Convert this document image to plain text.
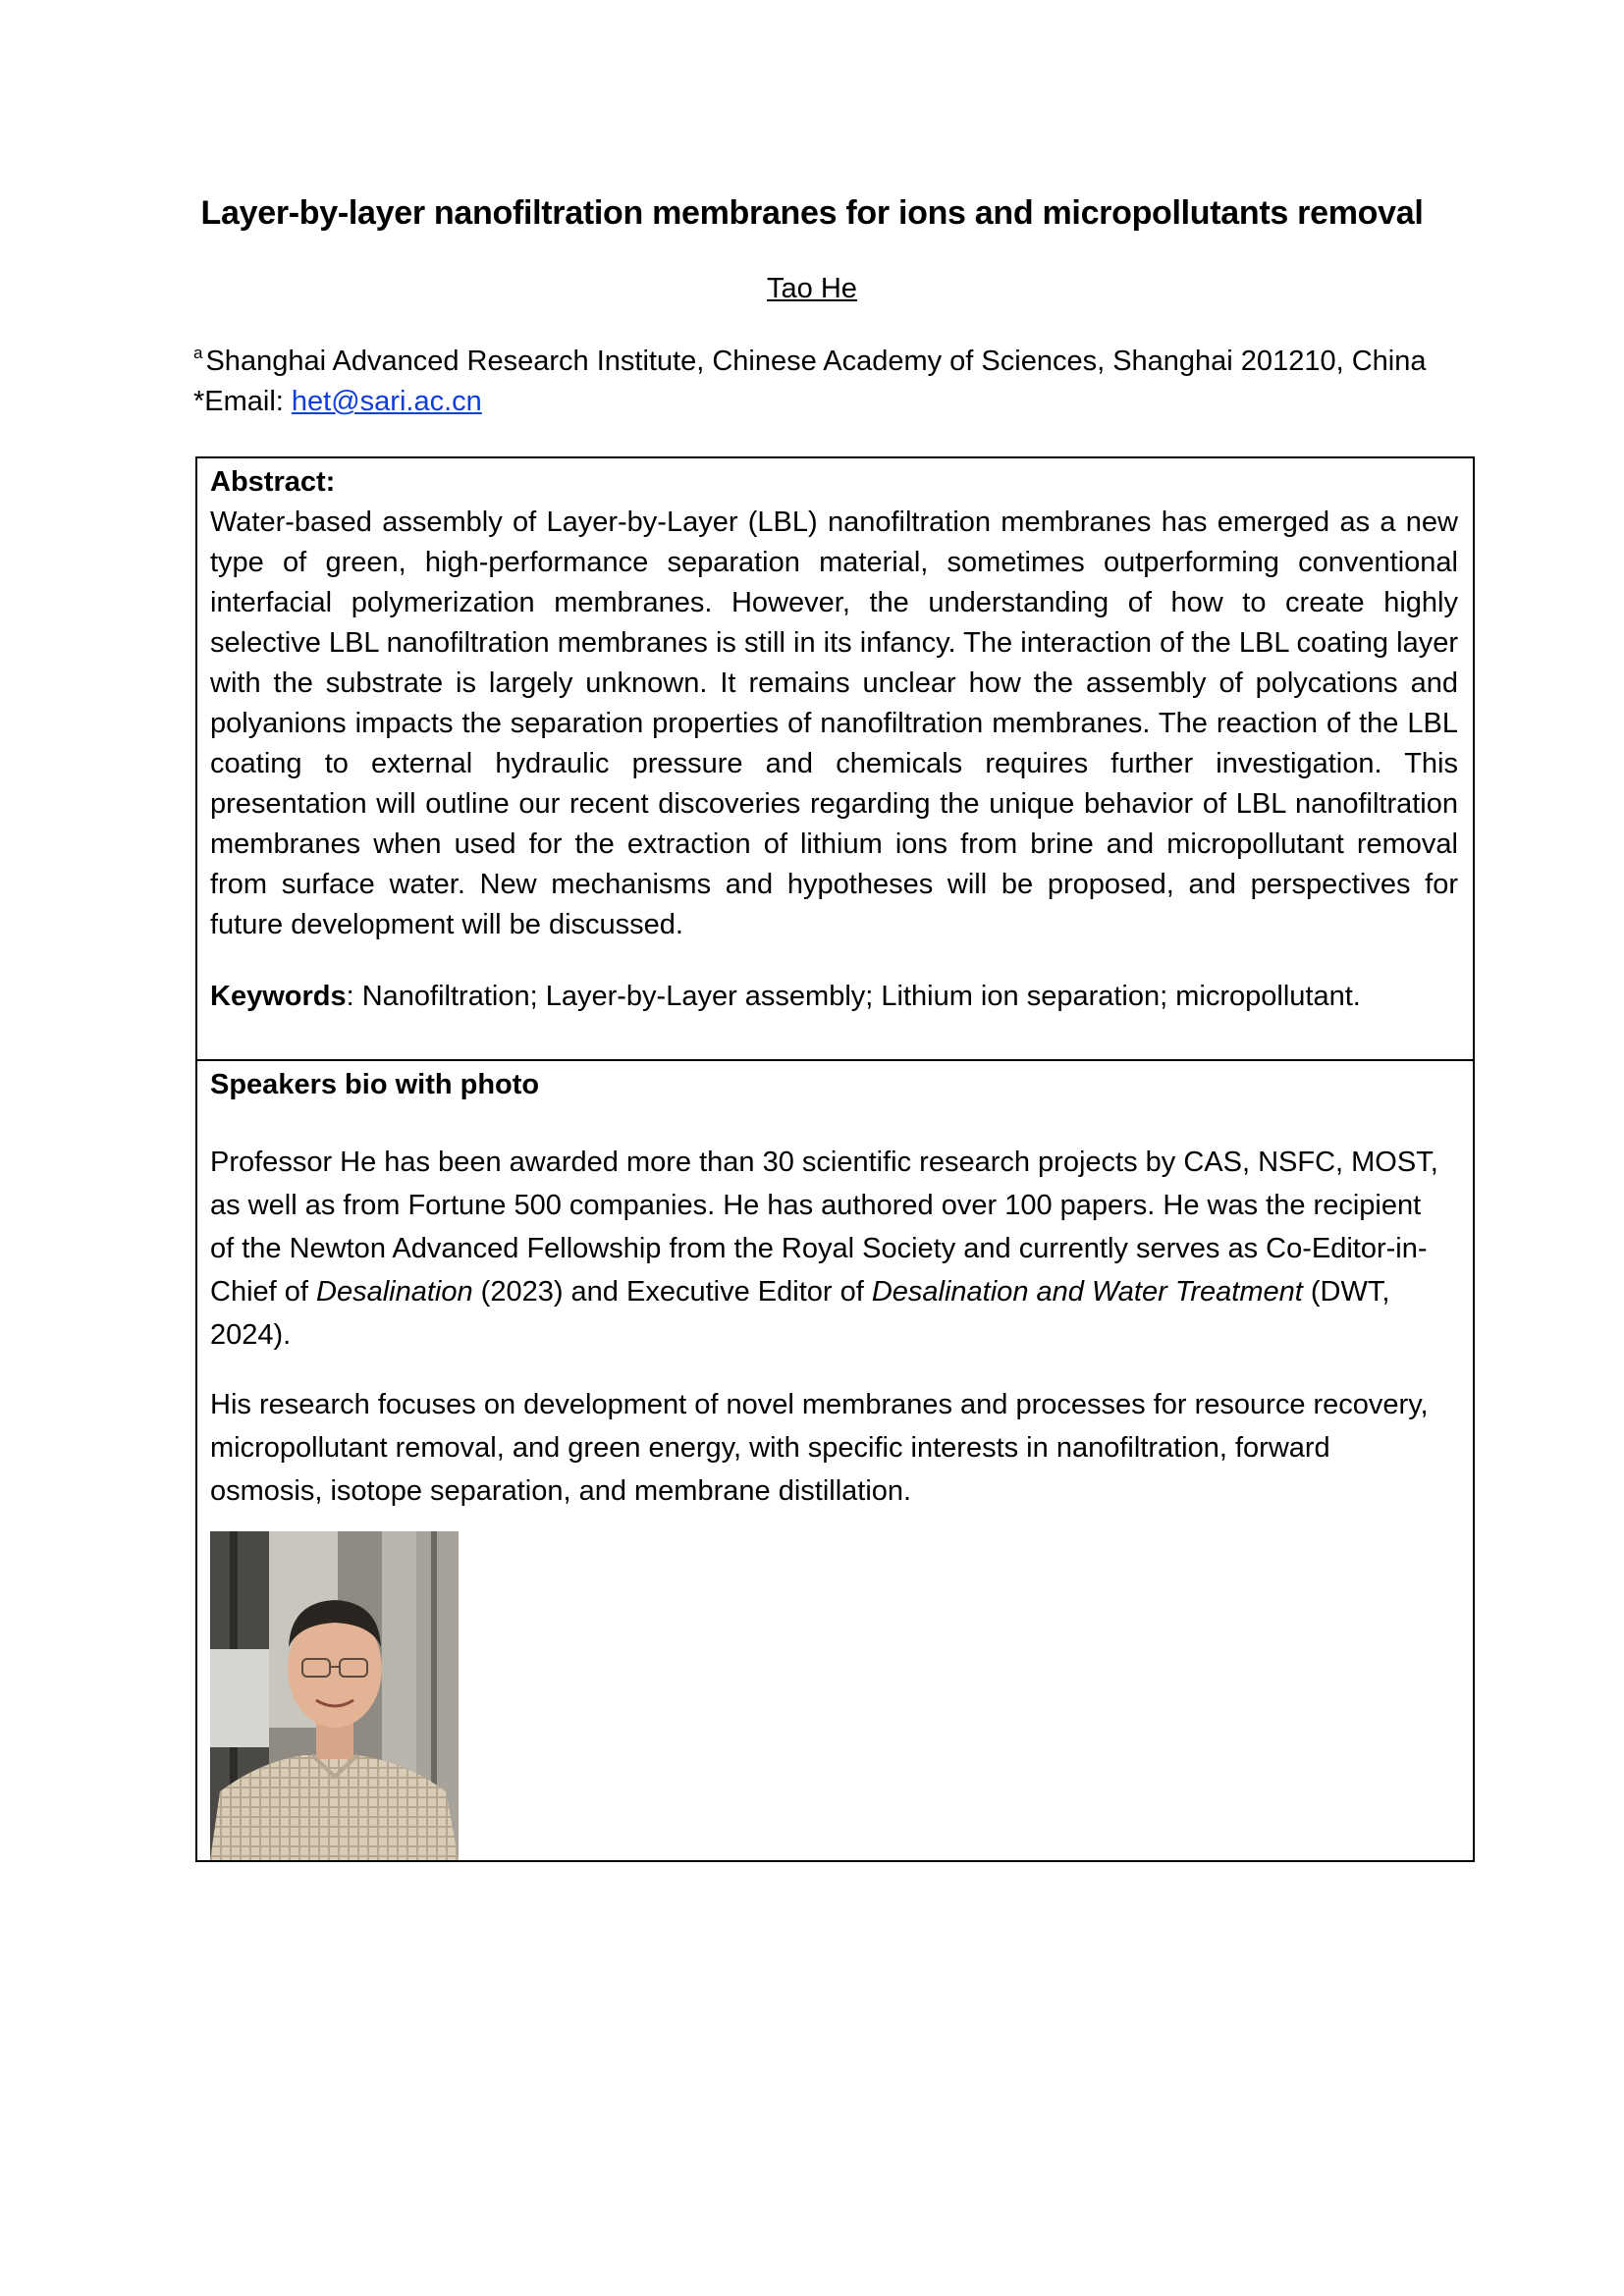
Layer-by-layer nanofiltration membranes for ions and micropollutants removal
Tao He
$^a$ Shanghai Advanced Research Institute, Chinese Academy of Sciences, Shanghai 201210, China
*Email: het@sari.ac.cn
Abstract:
Water-based assembly of Layer-by-Layer (LBL) nanofiltration membranes has emerged as a new type of green, high-performance separation material, sometimes outperforming conventional interfacial polymerization membranes. However, the understanding of how to create highly selective LBL nanofiltration membranes is still in its infancy. The interaction of the LBL coating layer with the substrate is largely unknown. It remains unclear how the assembly of polycations and polyanions impacts the separation properties of nanofiltration membranes. The reaction of the LBL coating to external hydraulic pressure and chemicals requires further investigation. This presentation will outline our recent discoveries regarding the unique behavior of LBL nanofiltration membranes when used for the extraction of lithium ions from brine and micropollutant removal from surface water. New mechanisms and hypotheses will be proposed, and perspectives for future development will be discussed.
Keywords: Nanofiltration; Layer-by-Layer assembly; Lithium ion separation; micropollutant.
Speakers bio with photo
Professor He has been awarded more than 30 scientific research projects by CAS, NSFC, MOST, as well as from Fortune 500 companies. He has authored over 100 papers. He was the recipient of the Newton Advanced Fellowship from the Royal Society and currently serves as Co-Editor-in-Chief of Desalination (2023) and Executive Editor of Desalination and Water Treatment (DWT, 2024).
His research focuses on development of novel membranes and processes for resource recovery, micropollutant removal, and green energy, with specific interests in nanofiltration, forward osmosis, isotope separation, and membrane distillation.
